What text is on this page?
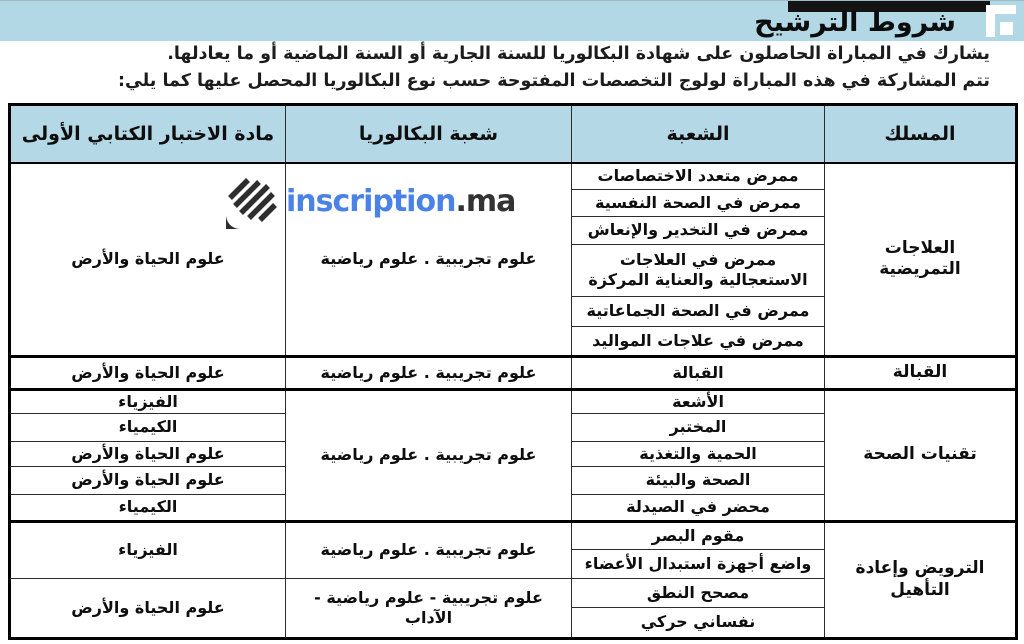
شروط الترشيح

يشارك في المباراة الحاصلون على شهادة البكالوريا للسنة الجارية أو السنة الماضية أو ما يعادلها.

تتم المشاركة في هذه المباراة لولوج التخصصات المفتوحة حسب نوع البكالوريا المحصل عليها كما يلي:

المسلك	الشعبة	شعبة البكالوريا	مادة الاختبار الكتابي الأولى
العلاجات التمريضية	ممرض متعدد الاختصاصات	علوم تجريبية . علوم رياضية	علوم الحياة والأرض
	ممرض في الصحة النفسية		
	ممرض في التخدير والإنعاش		
	ممرض في العلاجات الاستعجالية والعناية المركزة		
	ممرض في الصحة الجماعاتية		
	ممرض في علاجات المواليد		
القبالة	القبالة	علوم تجريبية . علوم رياضية	علوم الحياة والأرض
تقنيات الصحة	الأشعة	علوم تجريبية . علوم رياضية	الفيزياء
	المختبر		الكيمياء
	الحمية والتغذية		علوم الحياة والأرض
	الصحة والبيئة		علوم الحياة والأرض
	محضر في الصيدلة		الكيمياء
الترويض وإعادة التأهيل	مقوم البصر	علوم تجريبية . علوم رياضية	الفيزياء
	واضع أجهزة استبدال الأعضاء		
	مصحح النطق	علوم تجريبية - علوم رياضية - الآداب	علوم الحياة والأرض
	نفساني حركي		
inscription.ma
